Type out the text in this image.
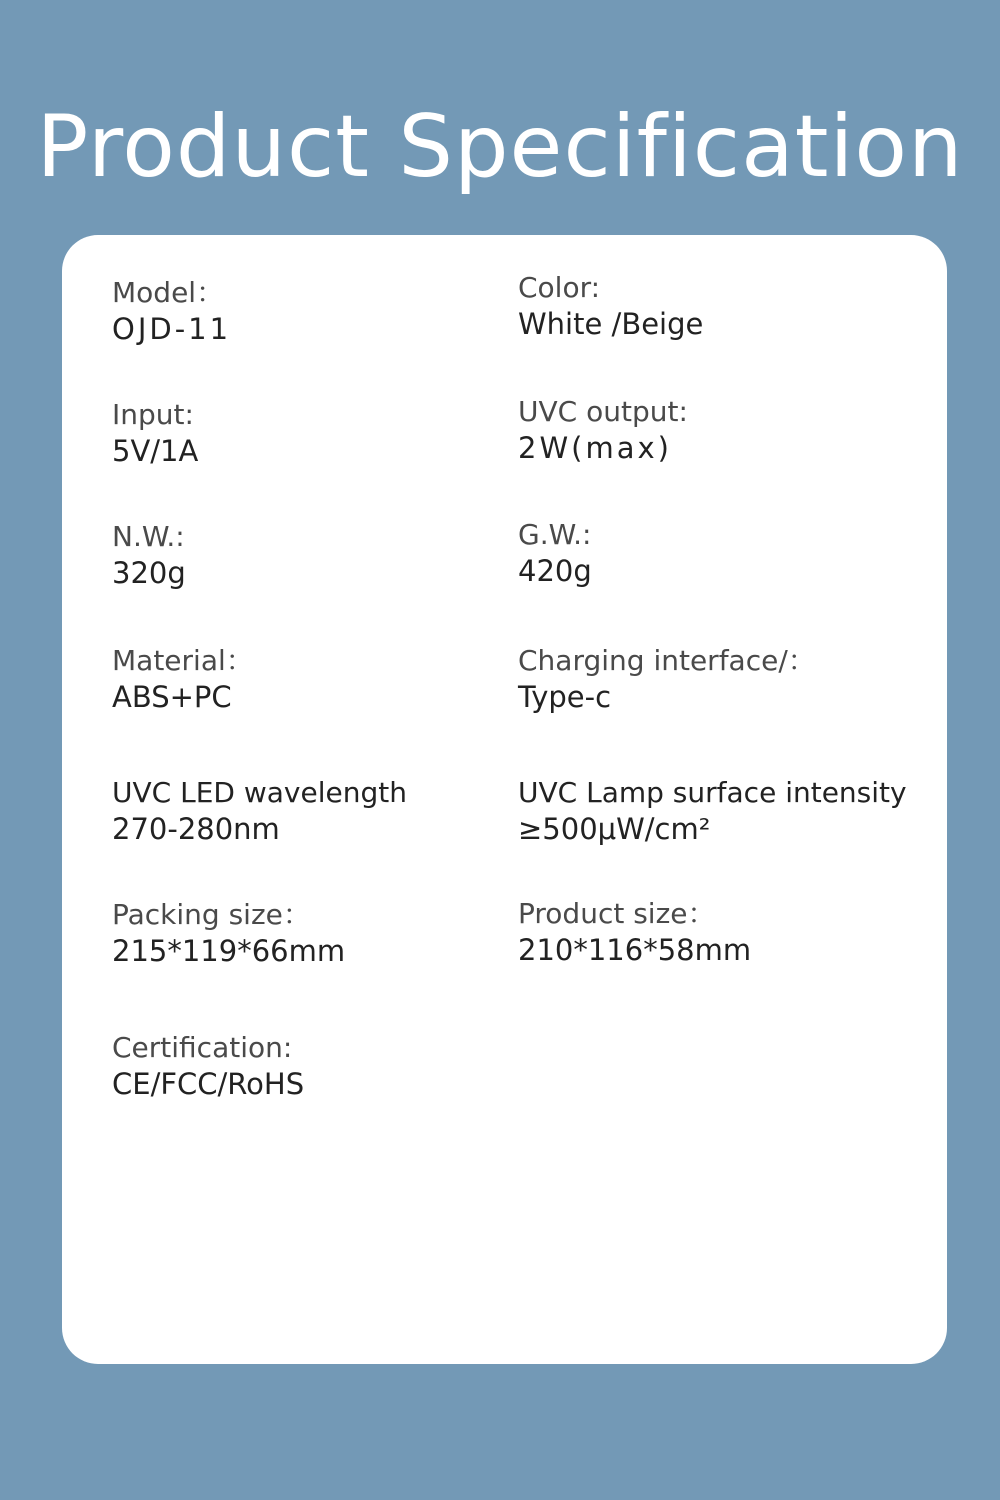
Product Specification
Model：
OJD-11
Color:
White /Beige
Input:
5V/1A
UVC output:
2W(max)
N.W.:
320g
G.W.:
420g
Material：
ABS+PC
Charging interface/：
Type-c
UVC LED wavelength
270-280nm
UVC Lamp surface intensity
≥500μW/cm²
Packing size：
215*119*66mm
Product size：
210*116*58mm
Certification:
CE/FCC/RoHS
